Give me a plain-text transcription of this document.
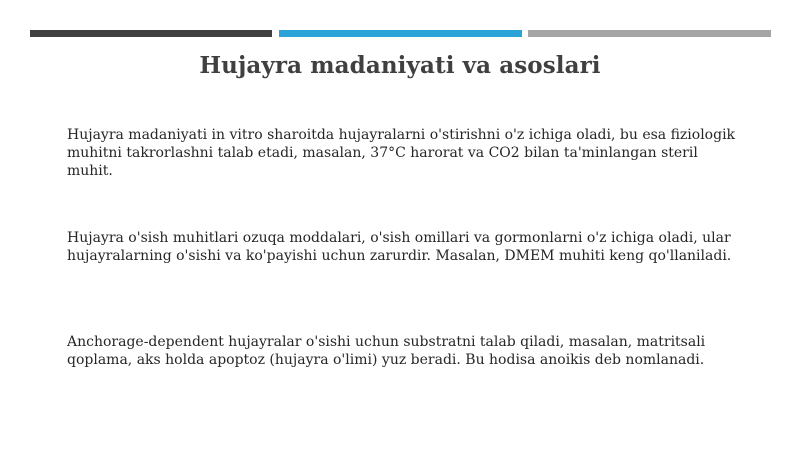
Hujayra madaniyati va asoslari

Hujayra madaniyati in vitro sharoitda hujayralarni o'stirishni o'z ichiga oladi, bu esa fiziologik muhitni takrorlashni talab etadi, masalan, 37°C harorat va CO2 bilan ta'minlangan steril muhit.

Hujayra o'sish muhitlari ozuqa moddalari, o'sish omillari va gormonlarni o'z ichiga oladi, ular hujayralarning o'sishi va ko'payishi uchun zarurdir. Masalan, DMEM muhiti keng qo'llaniladi.

Anchorage-dependent hujayralar o'sishi uchun substratni talab qiladi, masalan, matritsali qoplama, aks holda apoptoz (hujayra o'limi) yuz beradi. Bu hodisa anoikis deb nomlanadi.
